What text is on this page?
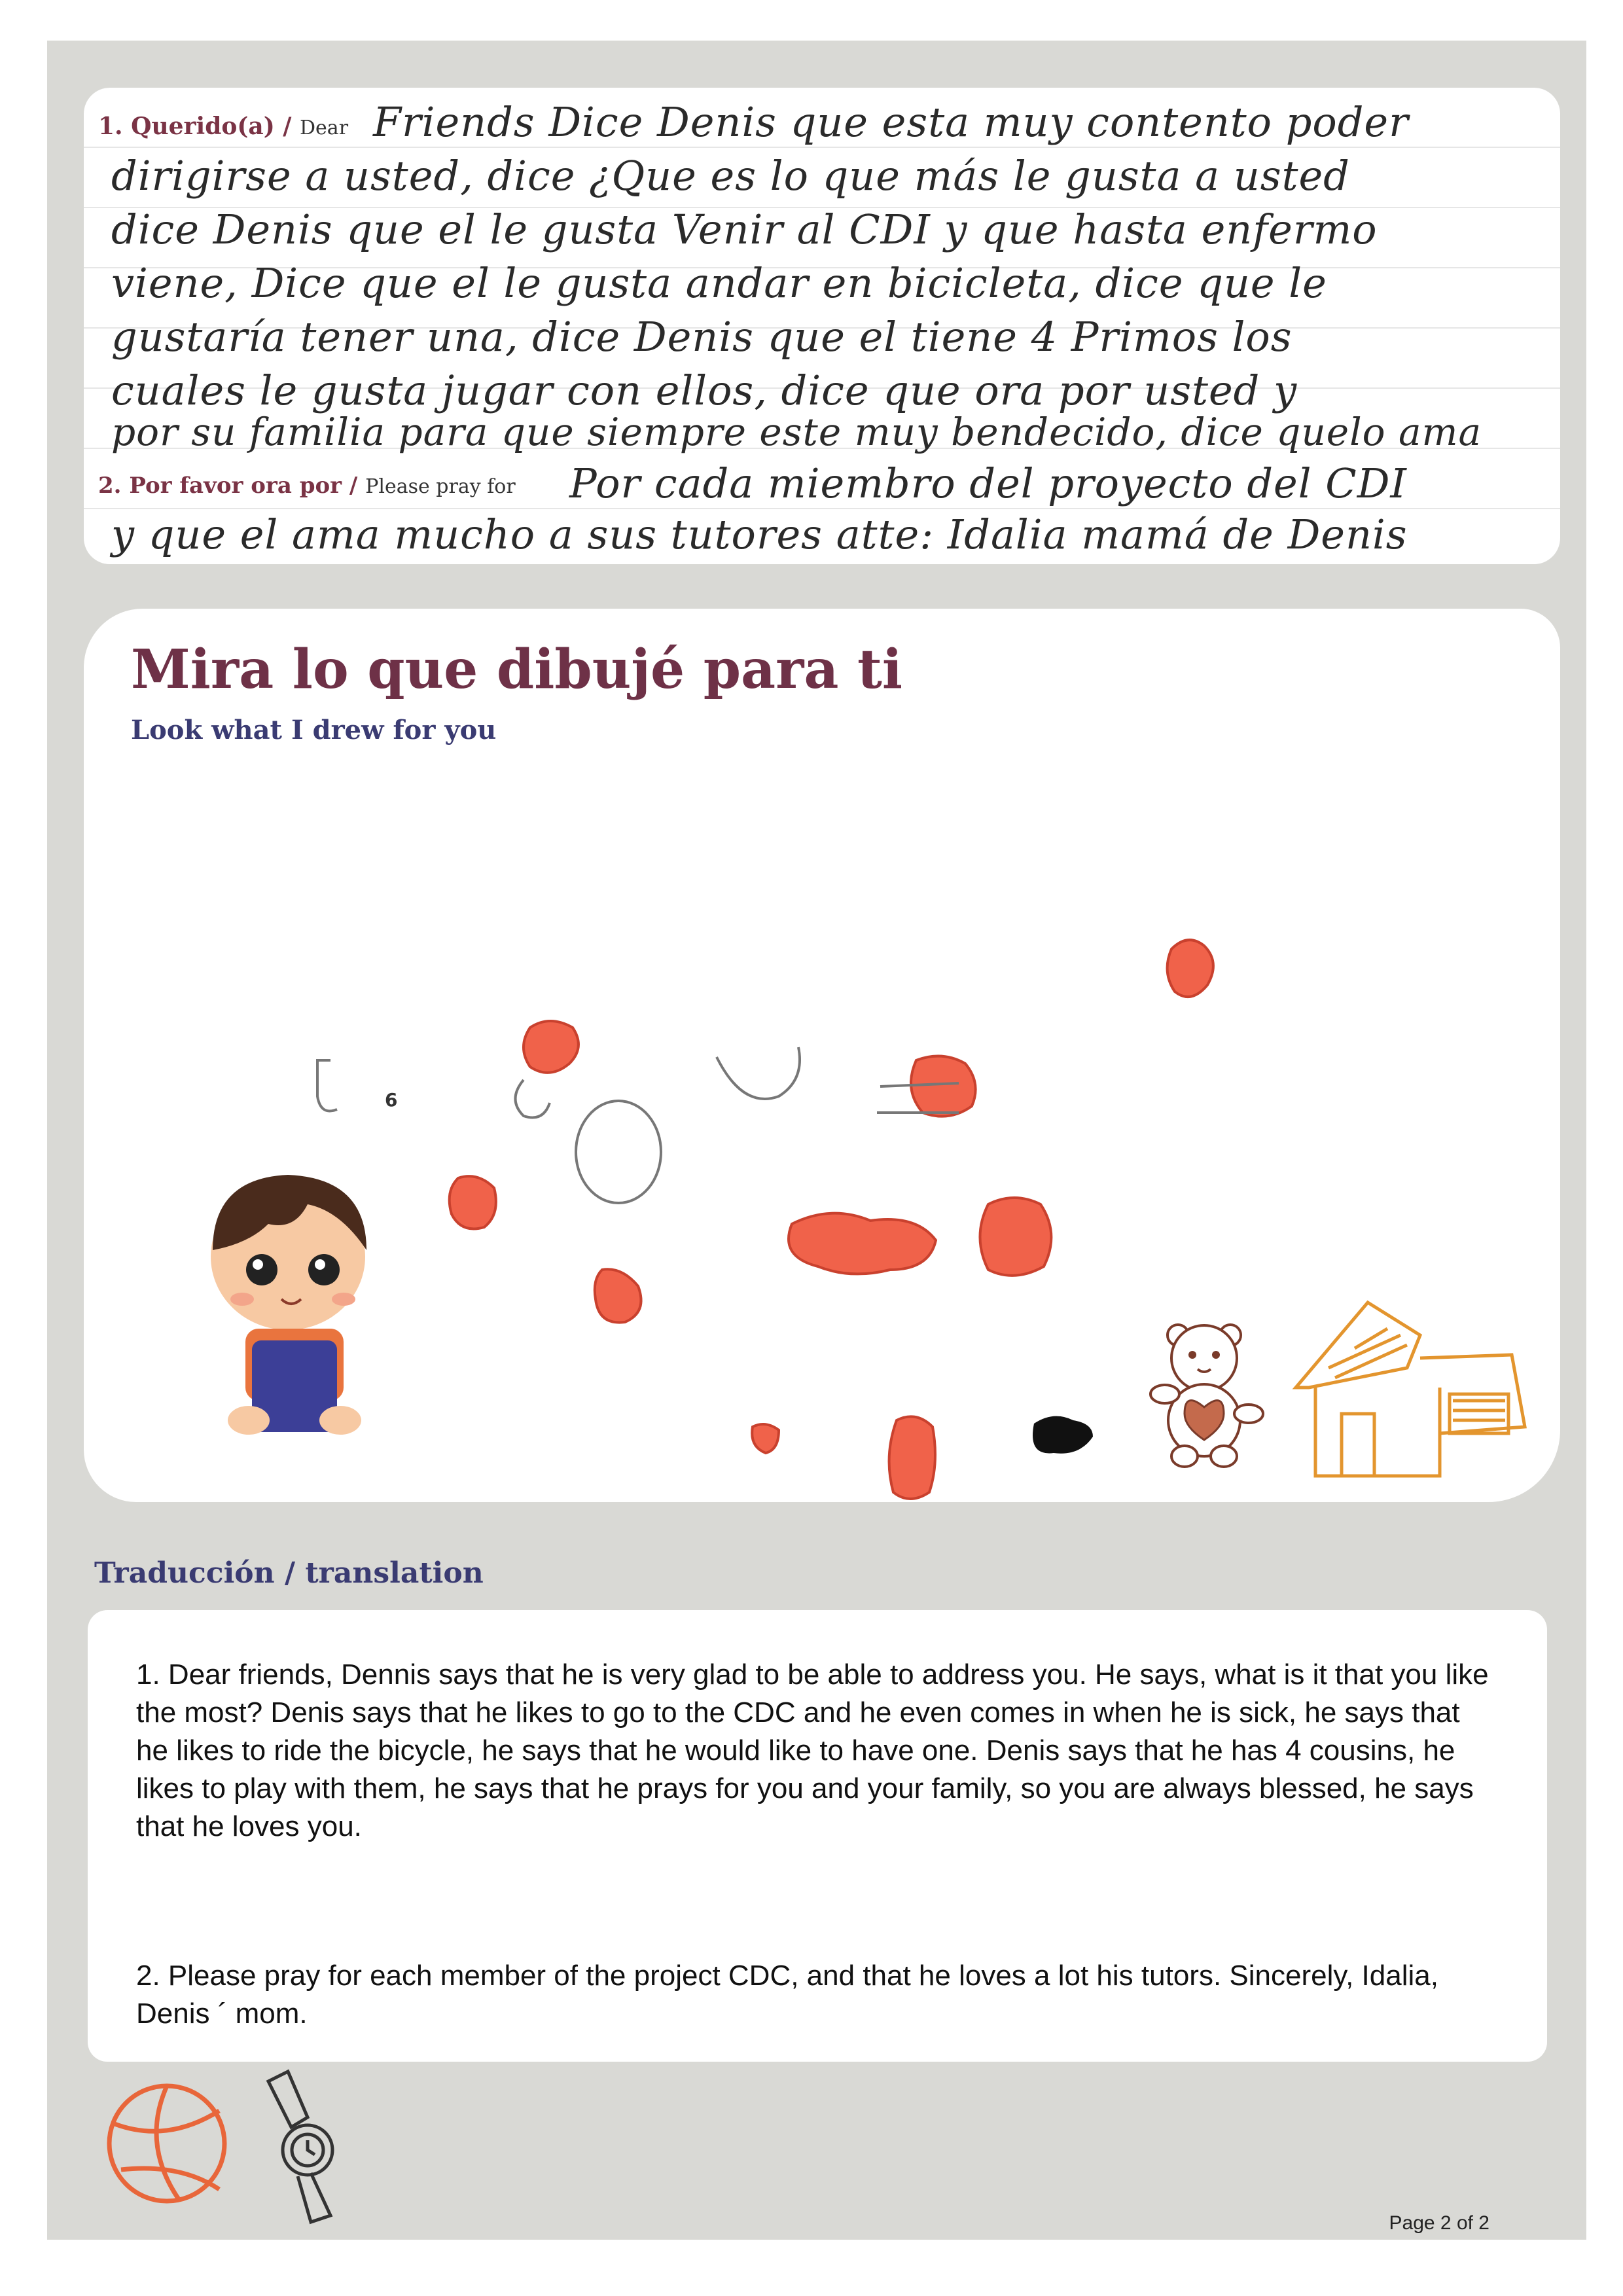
1. Querido(a) / Dear Friends Dice Denis que esta muy contento poder
dirigirse a usted, dice ¿Que es lo que más le gusta a usted
dice Denis que el le gusta Venir al CDI y que hasta enfermo
viene, Dice que el le gusta andar en bicicleta, dice que le
gustaría tener una, dice Denis que el tiene 4 Primos los
cuales le gusta jugar con ellos, dice que ora por usted y
por su familia para que siempre este muy bendecido, dice quelo ama
2. Por favor ora por / Please pray for Por cada miembro del proyecto del CDI
y que el ama mucho a sus tutores atte: Idalia mamá de Denis
Mira lo que dibujé para ti
Look what I drew for you
6
Traducción / translation
1. Dear friends, Dennis says that he is very glad to be able to address you. He says, what is it that you like the most? Denis says that he likes to go to the CDC and he even comes in when he is sick, he says that he likes to ride the bicycle, he says that he would like to have one. Denis says that he has 4 cousins, he likes to play with them, he says that he prays for you and your family, so you are always blessed, he says that he loves you.
2. Please pray for each member of the project CDC, and that he loves a lot his tutors. Sincerely, Idalia, Denis ´ mom.
Page 2 of 2
